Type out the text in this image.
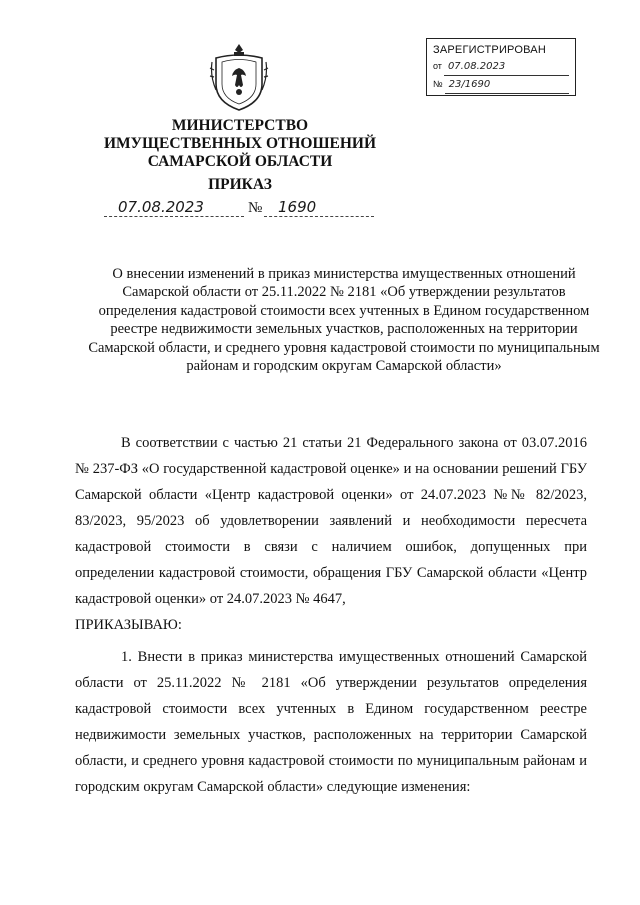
ЗАРЕГИСТРИРОВАН
от 07.08.2023
№ 23/1690
МИНИСТЕРСТВО
ИМУЩЕСТВЕННЫХ ОТНОШЕНИЙ
САМАРСКОЙ ОБЛАСТИ
ПРИКАЗ
07.08.2023	№ 1690
О внесении изменений в приказ министерства имущественных отношений Самарской области от 25.11.2022 № 2181 «Об утверждении результатов определения кадастровой стоимости всех учтенных в Едином государственном реестре недвижимости земельных участков, расположенных на территории Самарской области, и среднего уровня кадастровой стоимости по муниципальным районам и городским округам Самарской области»

В соответствии с частью 21 статьи 21 Федерального закона от 03.07.2016 № 237-ФЗ «О государственной кадастровой оценке» и на основании решений ГБУ Самарской области «Центр кадастровой оценки» от 24.07.2023 №№ 82/2023, 83/2023, 95/2023 об удовлетворении заявлений и необходимости пересчета кадастровой стоимости в связи с наличием ошибок, допущенных при определении кадастровой стоимости, обращения ГБУ Самарской области «Центр кадастровой оценки» от 24.07.2023 № 4647,

ПРИКАЗЫВАЮ:

1. Внести в приказ министерства имущественных отношений Самарской области от 25.11.2022 № 2181 «Об утверждении результатов определения кадастровой стоимости всех учтенных в Едином государственном реестре недвижимости земельных участков, расположенных на территории Самарской области, и среднего уровня кадастровой стоимости по муниципальным районам и городским округам Самарской области» следующие изменения:
